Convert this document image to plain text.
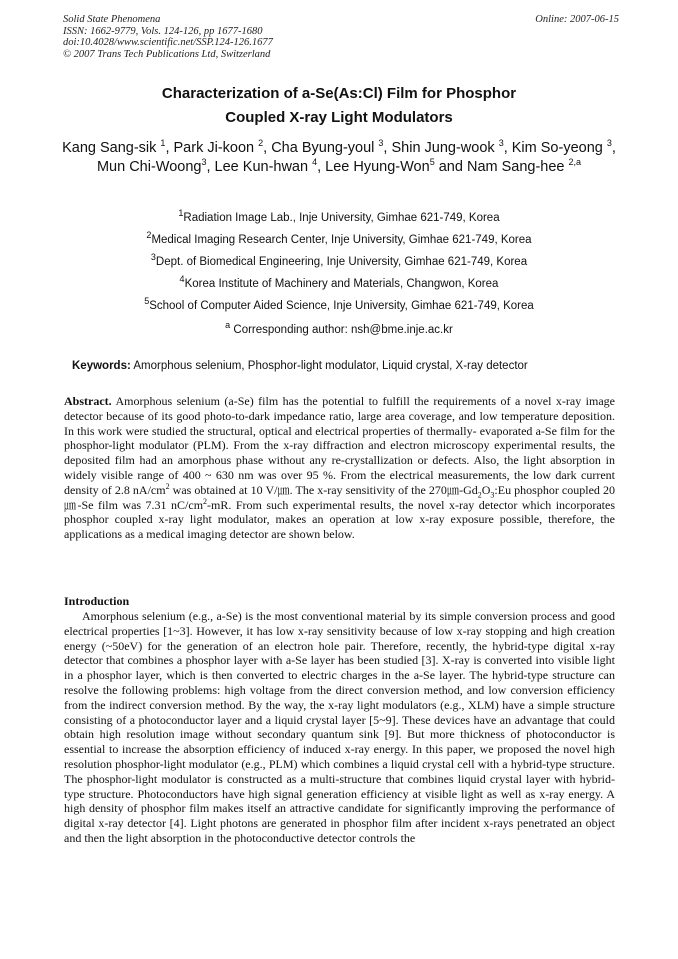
Solid State Phenomena
ISSN: 1662-9779, Vols. 124-126, pp 1677-1680
doi:10.4028/www.scientific.net/SSP.124-126.1677
© 2007 Trans Tech Publications Ltd, Switzerland
Online: 2007-06-15
Characterization of a-Se(As:Cl) Film for Phosphor
Coupled X-ray Light Modulators
Kang Sang-sik $^1$, Park Ji-koon $^2$, Cha Byung-youl $^3$, Shin Jung-wook $^3$, Kim So-yeong $^3$, Mun Chi-Woong$^3$, Lee Kun-hwan $^4$, Lee Hyung-Won$^5$ and Nam Sang-hee $^{2,a}$
$^1$Radiation Image Lab., Inje University, Gimhae 621-749, Korea
$^2$Medical Imaging Research Center, Inje University, Gimhae 621-749, Korea
$^3$Dept. of Biomedical Engineering, Inje University, Gimhae 621-749, Korea
$^4$Korea Institute of Machinery and Materials, Changwon, Korea
$^5$School of Computer Aided Science, Inje University, Gimhae 621-749, Korea
$^a$ Corresponding author: nsh@bme.inje.ac.kr
Keywords: Amorphous selenium, Phosphor-light modulator, Liquid crystal, X-ray detector
Abstract. Amorphous selenium (a-Se) film has the potential to fulfill the requirements of a novel x-ray image detector because of its good photo-to-dark impedance ratio, large area coverage, and low temperature deposition. In this work were studied the structural, optical and electrical properties of thermally- evaporated a-Se film for the phosphor-light modulator (PLM). From the x-ray diffraction and electron microscopy experimental results, the deposited film had an amorphous phase without any re-crystallization or defects. Also, the light absorption in widely visible range of 400 ~ 630 nm was over 95 %. From the electrical measurements, the low dark current density of 2.8 $nA/cm^2$ was obtained at 10 V/㎛. The x-ray sensitivity of the $270㎛-Gd_2O_3:Eu$ phosphor coupled 20㎛-Se film was 7.31 $nC/cm^2-mR$. From such experimental results, the novel x-ray detector which incorporates phosphor coupled x-ray light modulator, makes an operation at low x-ray exposure possible, therefore, the applications as a medical imaging detector are shown below.
Introduction

Amorphous selenium (e.g., a-Se) is the most conventional material by its simple conversion process and good electrical properties [1~3]. However, it has low x-ray sensitivity because of low x-ray stopping and high creation energy (~50eV) for the generation of an electron hole pair. Therefore, recently, the hybrid-type digital x-ray detector that combines a phosphor layer with a-Se layer has been studied [3]. X-ray is converted into visible light in a phosphor layer, which is then converted to electric charges in the a-Se layer. The hybrid-type structure can resolve the following problems: high voltage from the direct conversion method, and low conversion efficiency from the indirect conversion method. By the way, the x-ray light modulators (e.g., XLM) have a simple structure consisting of a photoconductor layer and a liquid crystal layer [5~9]. These devices have an advantage that could obtain high resolution image without secondary quantum sink [9]. But more thickness of photoconductor is essential to increase the absorption efficiency of induced x-ray energy. In this paper, we proposed the novel high resolution phosphor-light modulator (e.g., PLM) which combines a liquid crystal cell with a hybrid-type structure. The phosphor-light modulator is constructed as a multi-structure that combines liquid crystal layer with hybrid-type structure. Photoconductors have high signal generation efficiency at visible light as well as x-ray energy. A high density of phosphor film makes itself an attractive candidate for significantly improving the performance of digital x-ray detector [4]. Light photons are generated in phosphor film after incident x-rays penetrated an object and then the light absorption in the photoconductive detector controls the
